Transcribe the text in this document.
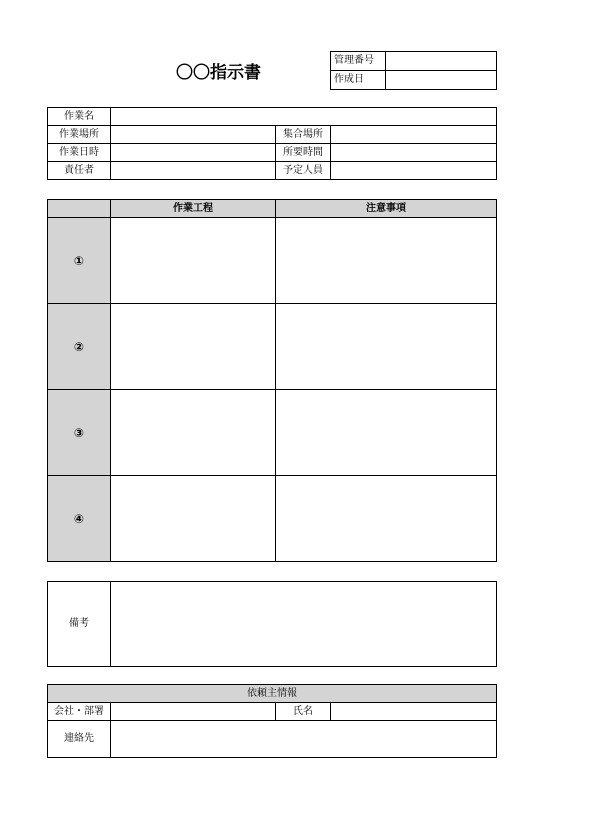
〇〇指示書
管理番号	
作成日	
作業名			
作業場所		集合場所	
作業日時		所要時間	
責任者		予定人員	
	作業工程	注意事項
①		
②		
③		
④		
備考	
依頼主情報			
会社・部署		氏名	
連絡先			
